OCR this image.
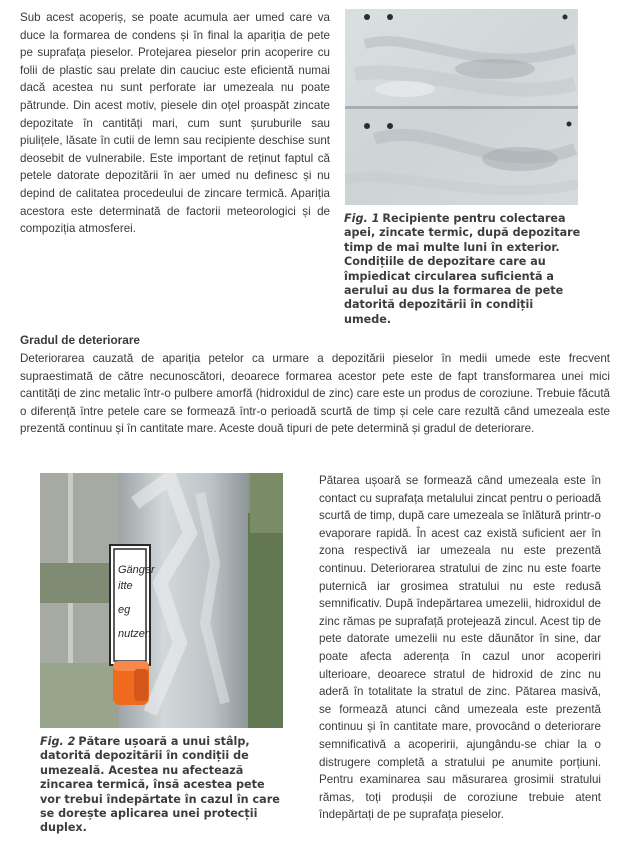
Sub acest acoperiș, se poate acumula aer umed care va duce la formarea de condens și în final la apariția de pete pe suprafața pieselor. Protejarea pieselor prin acoperire cu folii de plastic sau prelate din cauciuc este eficientă numai dacă acestea nu sunt perforate iar umezeala nu poate pătrunde. Din acest motiv, piesele din oțel proaspăt zincate depozitate în cantități mari, cum sunt șuruburile sau piulițele, lăsate în cutii de lemn sau recipiente deschise sunt deosebit de vulnerabile. Este important de reținut faptul că petele datorate depozitării în aer umed nu definesc și nu depind de calitatea procedeului de zincare termică. Apariția acestora este determinată de factorii meteorologici și de compoziția atmosferei.

Fig. 1 Recipiente pentru colectarea apei, zincate termic, după depozitare timp de mai multe luni în exterior. Condițiile de depozitare care au împiedicat circularea suficientă a aerului au dus la formarea de pete datorită depozitării în condiții umede.

Gradul de deteriorare

Deteriorarea cauzată de apariția petelor ca urmare a depozitării pieselor în medii umede este frecvent supraestimată de către necunoscători, deoarece formarea acestor pete este de fapt transformarea unei mici cantități de zinc metalic într-o pulbere amorfă (hidroxidul de zinc) care este un produs de coroziune. Trebuie făcută o diferență între petele care se formează într-o perioadă scurtă de timp și cele care rezultă când umezeala este prezentă continuu și în cantitate mare. Aceste două tipuri de pete determină și gradul de deteriorare.

Gänger
itte
eg
nutzen

Fig. 2 Pătare ușoară a unui stâlp, datorită depozitării în condiții de umezeală. Acestea nu afectează zincarea termică, însă acestea pete vor trebui îndepărtate în cazul în care se dorește aplicarea unei protecții duplex.

Pătarea ușoară se formează când umezeala este în contact cu suprafața metalului zincat pentru o perioadă scurtă de timp, după care umezeala se înlătură printr-o evaporare rapidă. În acest caz există suficient aer în zona respectivă iar umezeala nu este prezentă continuu. Deteriorarea stratului de zinc nu este foarte puternică iar grosimea stratului nu este redusă semnificativ. După îndepărtarea umezelii, hidroxidul de zinc rămas pe suprafață protejează zincul. Acest tip de pete datorate umezelii nu este dăunător în sine, dar poate afecta aderența în cazul unor acoperiri ulterioare, deoarece stratul de hidroxid de zinc nu aderă în totalitate la stratul de zinc. Pătarea masivă, se formează atunci când umezeala este prezentă continuu și în cantitate mare, provocând o deteriorare semnificativă a acoperirii, ajungându-se chiar la o distrugere completă a stratului pe anumite porțiuni. Pentru examinarea sau măsurarea grosimii stratului rămas, toți produșii de coroziune trebuie atent îndepărtați de pe suprafața pieselor.
